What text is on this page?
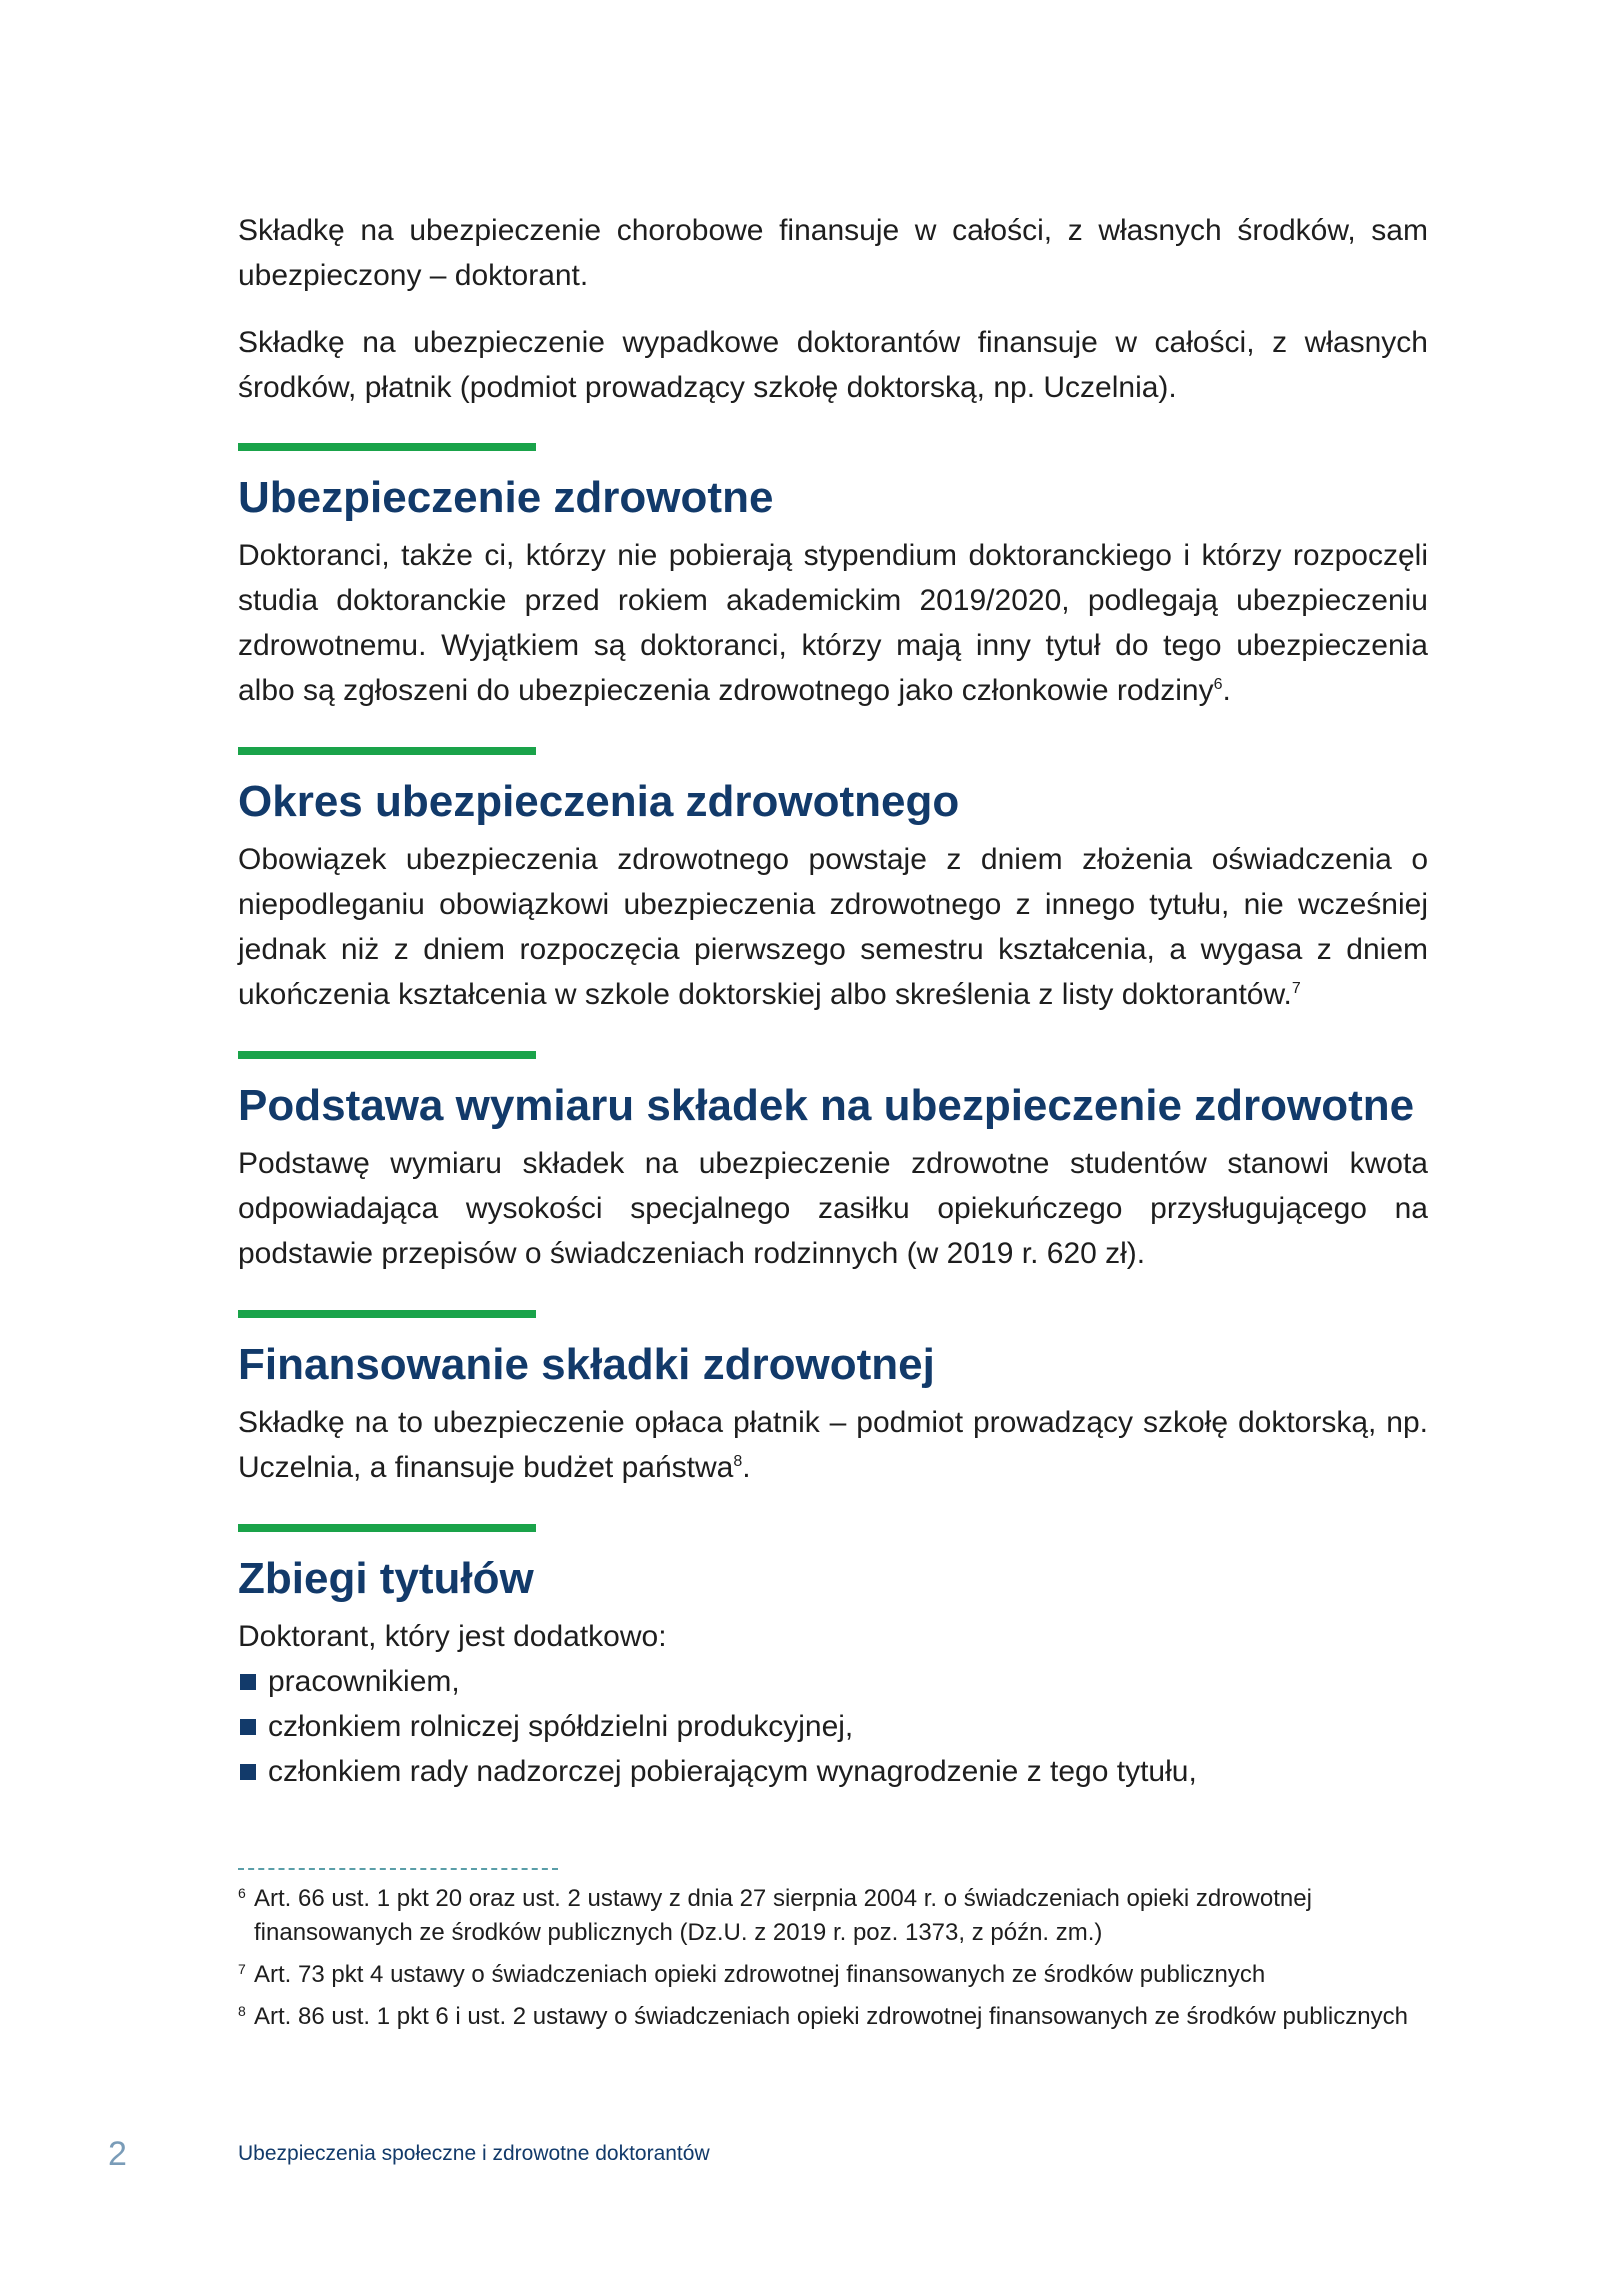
Składkę na ubezpieczenie chorobowe finansuje w całości, z własnych środków, sam ubezpieczony – doktorant.

Składkę na ubezpieczenie wypadkowe doktorantów finansuje w całości, z własnych środków, płatnik (podmiot prowadzący szkołę doktorską, np. Uczelnia).

Ubezpieczenie zdrowotne

Doktoranci, także ci, którzy nie pobierają stypendium doktoranckiego i którzy rozpoczęli studia doktoranckie przed rokiem akademickim 2019/2020, podlegają ubezpieczeniu zdrowotnemu. Wyjątkiem są doktoranci, którzy mają inny tytuł do tego ubezpieczenia albo są zgłoszeni do ubezpieczenia zdrowotnego jako członkowie rodziny$^6$.

Okres ubezpieczenia zdrowotnego

Obowiązek ubezpieczenia zdrowotnego powstaje z dniem złożenia oświadczenia o niepodleganiu obowiązkowi ubezpieczenia zdrowotnego z innego tytułu, nie wcześniej jednak niż z dniem rozpoczęcia pierwszego semestru kształcenia, a wygasa z dniem ukończenia kształcenia w szkole doktorskiej albo skreślenia z listy doktorantów.$^7$

Podstawa wymiaru składek na ubezpieczenie zdrowotne

Podstawę wymiaru składek na ubezpieczenie zdrowotne studentów stanowi kwota odpowiadająca wysokości specjalnego zasiłku opiekuńczego przysługującego na podstawie przepisów o świadczeniach rodzinnych (w 2019 r. 620 zł).

Finansowanie składki zdrowotnej

Składkę na to ubezpieczenie opłaca płatnik – podmiot prowadzący szkołę doktorską, np. Uczelnia, a finansuje budżet państwa$^8$.

Zbiegi tytułów

Doktorant, który jest dodatkowo:

pracownikiem,
członkiem rolniczej spółdzielni produkcyjnej,
członkiem rady nadzorczej pobierającym wynagrodzenie z tego tytułu,
6 Art. 66 ust. 1 pkt 20 oraz ust. 2 ustawy z dnia 27 sierpnia 2004 r. o świadczeniach opieki zdrowotnej finansowanych ze środków publicznych (Dz.U. z 2019 r. poz. 1373, z późn. zm.)
7 Art. 73 pkt 4 ustawy o świadczeniach opieki zdrowotnej finansowanych ze środków publicznych
8 Art. 86 ust. 1 pkt 6 i ust. 2 ustawy o świadczeniach opieki zdrowotnej finansowanych ze środków publicznych
2	Ubezpieczenia społeczne i zdrowotne doktorantów
